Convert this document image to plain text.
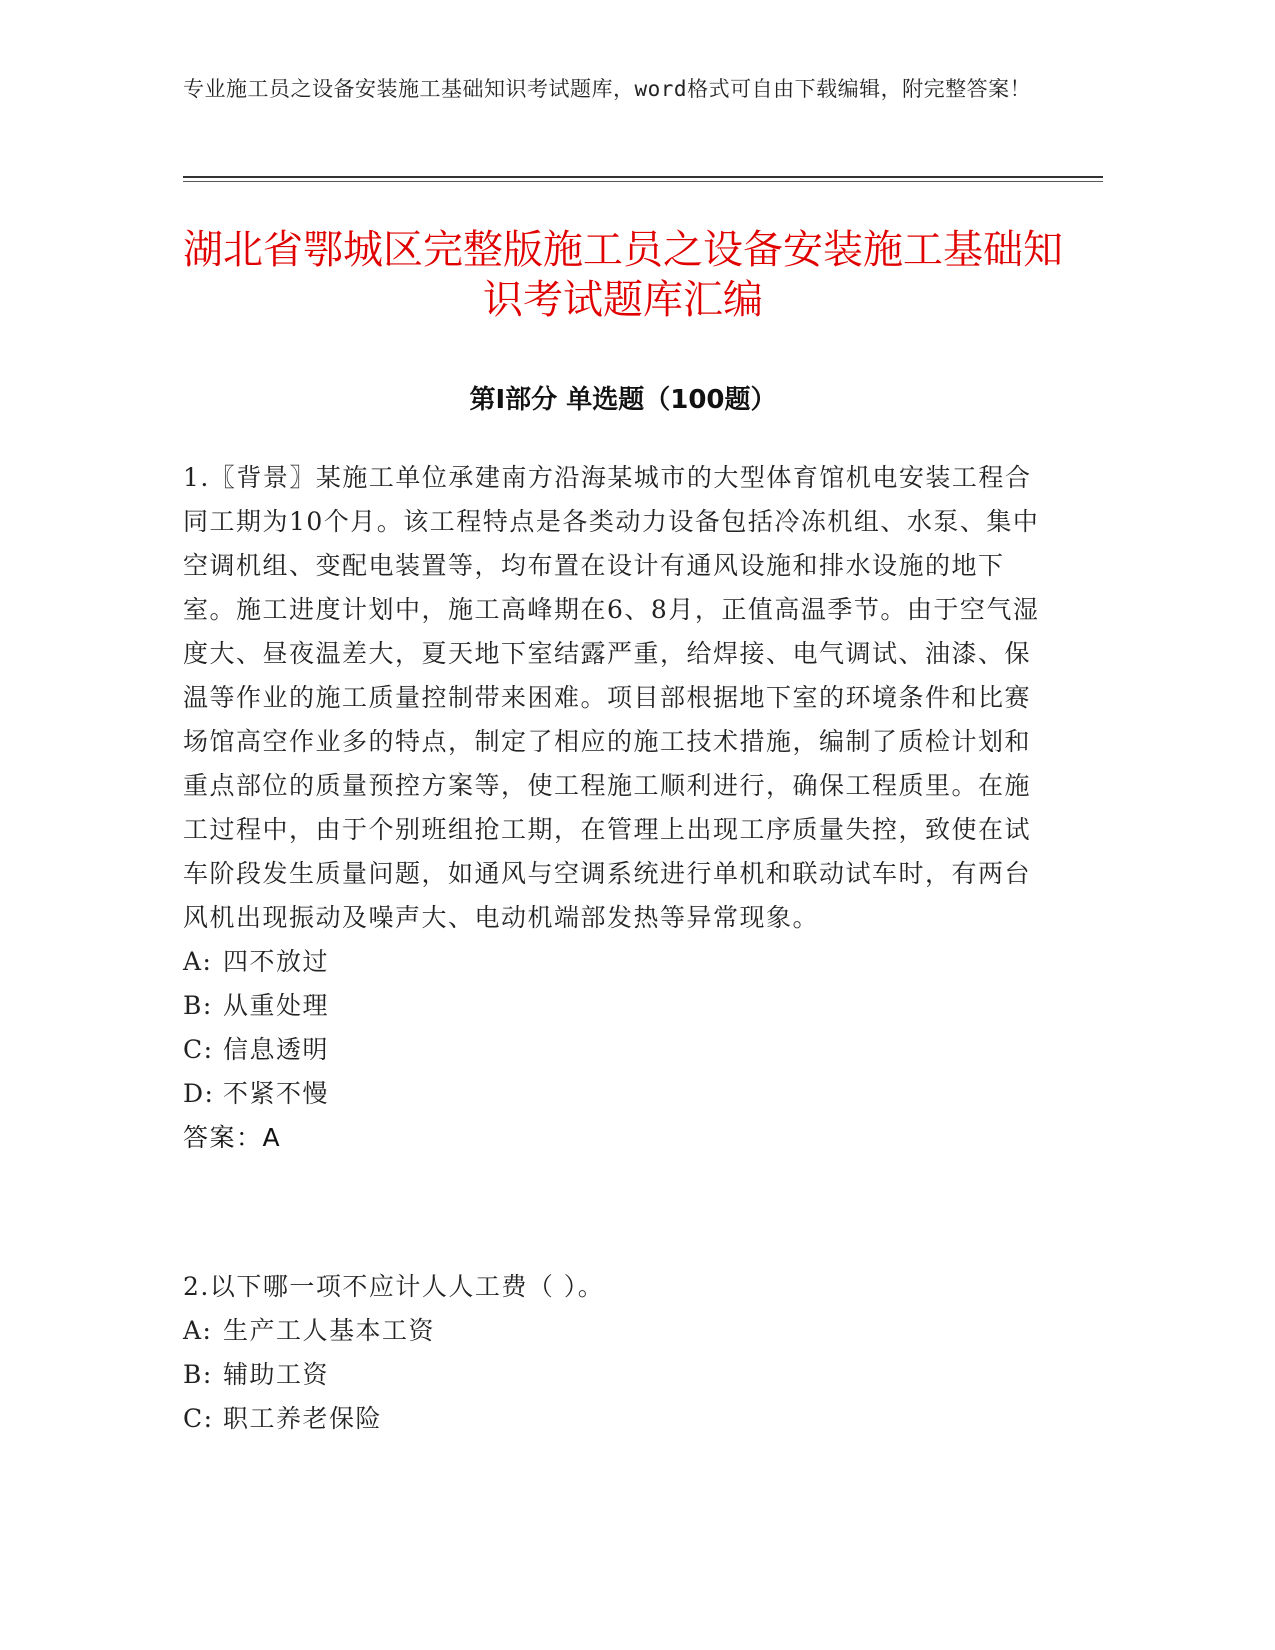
专业施工员之设备安装施工基础知识考试题库，word格式可自由下载编辑，附完整答案！
湖北省鄂城区完整版施工员之设备安装施工基础知识考试题库汇编
第Ⅰ部分 单选题（100题）

1.〖背景〗某施工单位承建南方沿海某城市的大型体育馆机电安装工程合同工期为10个月。该工程特点是各类动力设备包括冷冻机组、水泵、集中空调机组、变配电装置等，均布置在设计有通风设施和排水设施的地下室。施工进度计划中，施工高峰期在6、8月，正值高温季节。由于空气湿度大、昼夜温差大，夏天地下室结露严重，给焊接、电气调试、油漆、保温等作业的施工质量控制带来困难。项目部根据地下室的环境条件和比赛场馆高空作业多的特点，制定了相应的施工技术措施，编制了质检计划和重点部位的质量预控方案等，使工程施工顺利进行，确保工程质里。在施工过程中，由于个别班组抢工期，在管理上出现工序质量失控，致使在试车阶段发生质量问题，如通风与空调系统进行单机和联动试车时，有两台风机出现振动及噪声大、电动机端部发热等异常现象。

A: 四不放过

B: 从重处理

C: 信息透明

D: 不紧不慢

答案：A

2.以下哪一项不应计人人工费（ ）。

A: 生产工人基本工资

B: 辅助工资

C: 职工养老保险
